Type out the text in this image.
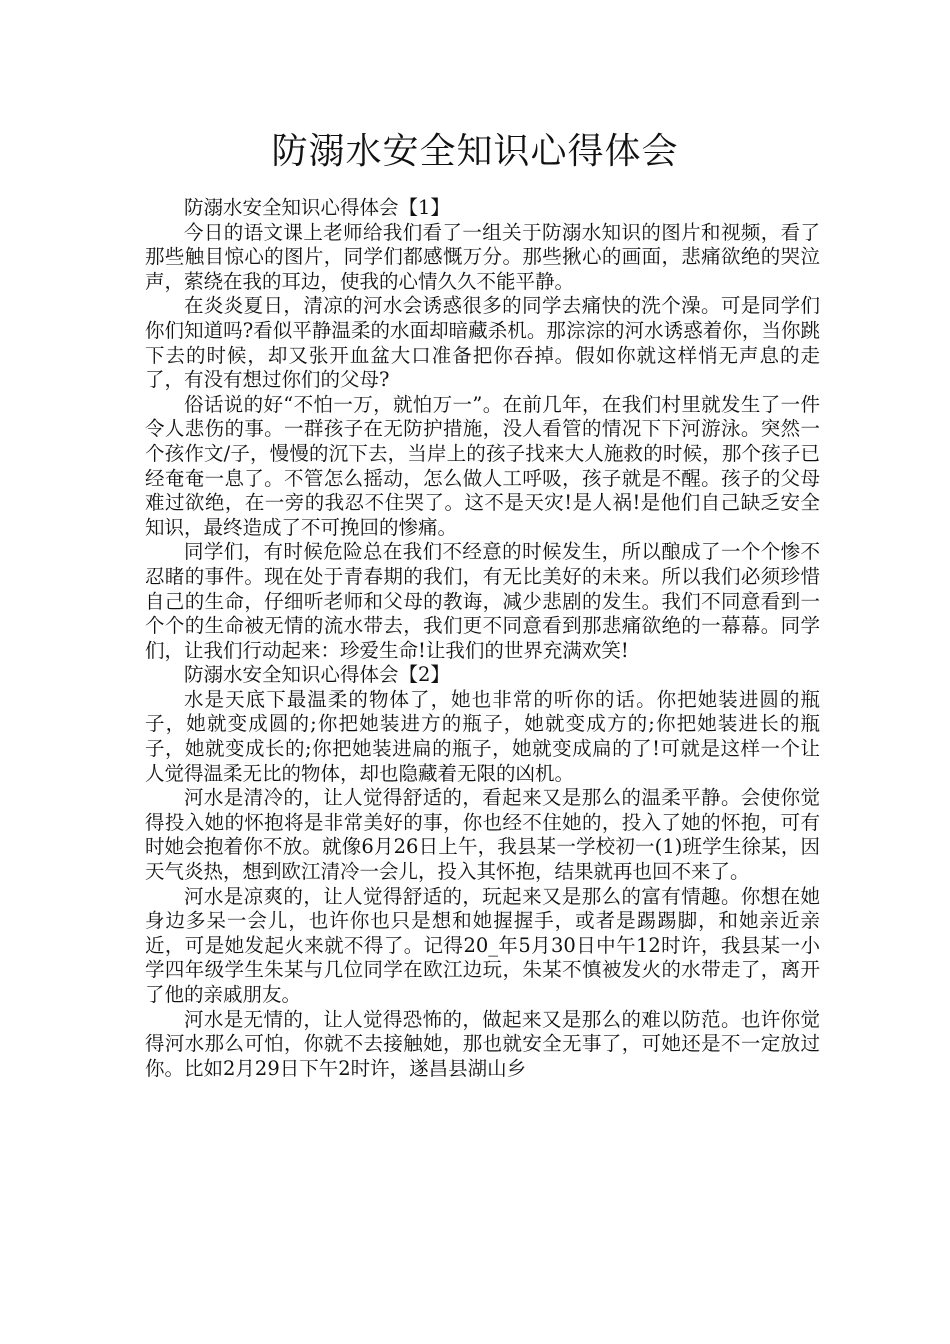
防溺水安全知识心得体会

防溺水安全知识心得体会【1】

今日的语文课上老师给我们看了一组关于防溺水知识的图片和视频，看了那些触目惊心的图片，同学们都感慨万分。那些揪心的画面，悲痛欲绝的哭泣声，萦绕在我的耳边，使我的心情久久不能平静。

在炎炎夏日，清凉的河水会诱惑很多的同学去痛快的洗个澡。可是同学们你们知道吗?看似平静温柔的水面却暗藏杀机。那淙淙的河水诱惑着你，当你跳下去的时候，却又张开血盆大口准备把你吞掉。假如你就这样悄无声息的走了，有没有想过你们的父母?

俗话说的好“不怕一万，就怕万一”。在前几年，在我们村里就发生了一件令人悲伤的事。一群孩子在无防护措施，没人看管的情况下下河游泳。突然一个孩作文/子，慢慢的沉下去，当岸上的孩子找来大人施救的时候，那个孩子已经奄奄一息了。不管怎么摇动，怎么做人工呼吸，孩子就是不醒。孩子的父母难过欲绝，在一旁的我忍不住哭了。这不是天灾!是人祸!是他们自己缺乏安全知识，最终造成了不可挽回的惨痛。

同学们，有时候危险总在我们不经意的时候发生，所以酿成了一个个惨不忍睹的事件。现在处于青春期的我们，有无比美好的未来。所以我们必须珍惜自己的生命，仔细听老师和父母的教诲，减少悲剧的发生。我们不同意看到一个个的生命被无情的流水带去，我们更不同意看到那悲痛欲绝的一幕幕。同学们，让我们行动起来：珍爱生命!让我们的世界充满欢笑!

防溺水安全知识心得体会【2】

水是天底下最温柔的物体了，她也非常的听你的话。你把她装进圆的瓶子，她就变成圆的;你把她装进方的瓶子，她就变成方的;你把她装进长的瓶子，她就变成长的;你把她装进扁的瓶子，她就变成扁的了!可就是这样一个让人觉得温柔无比的物体，却也隐藏着无限的凶机。

河水是清冷的，让人觉得舒适的，看起来又是那么的温柔平静。会使你觉得投入她的怀抱将是非常美好的事，你也经不住她的，投入了她的怀抱，可有时她会抱着你不放。就像6月26日上午，我县某一学校初一(1)班学生徐某，因天气炎热，想到欧江清冷一会儿，投入其怀抱，结果就再也回不来了。

河水是凉爽的，让人觉得舒适的，玩起来又是那么的富有情趣。你想在她身边多呆一会儿，也许你也只是想和她握握手，或者是踢踢脚，和她亲近亲近，可是她发起火来就不得了。记得20_年5月30日中午12时许，我县某一小学四年级学生朱某与几位同学在欧江边玩，朱某不慎被发火的水带走了，离开了他的亲戚朋友。

河水是无情的，让人觉得恐怖的，做起来又是那么的难以防范。也许你觉得河水那么可怕，你就不去接触她，那也就安全无事了，可她还是不一定放过你。比如2月29日下午2时许，遂昌县湖山乡
